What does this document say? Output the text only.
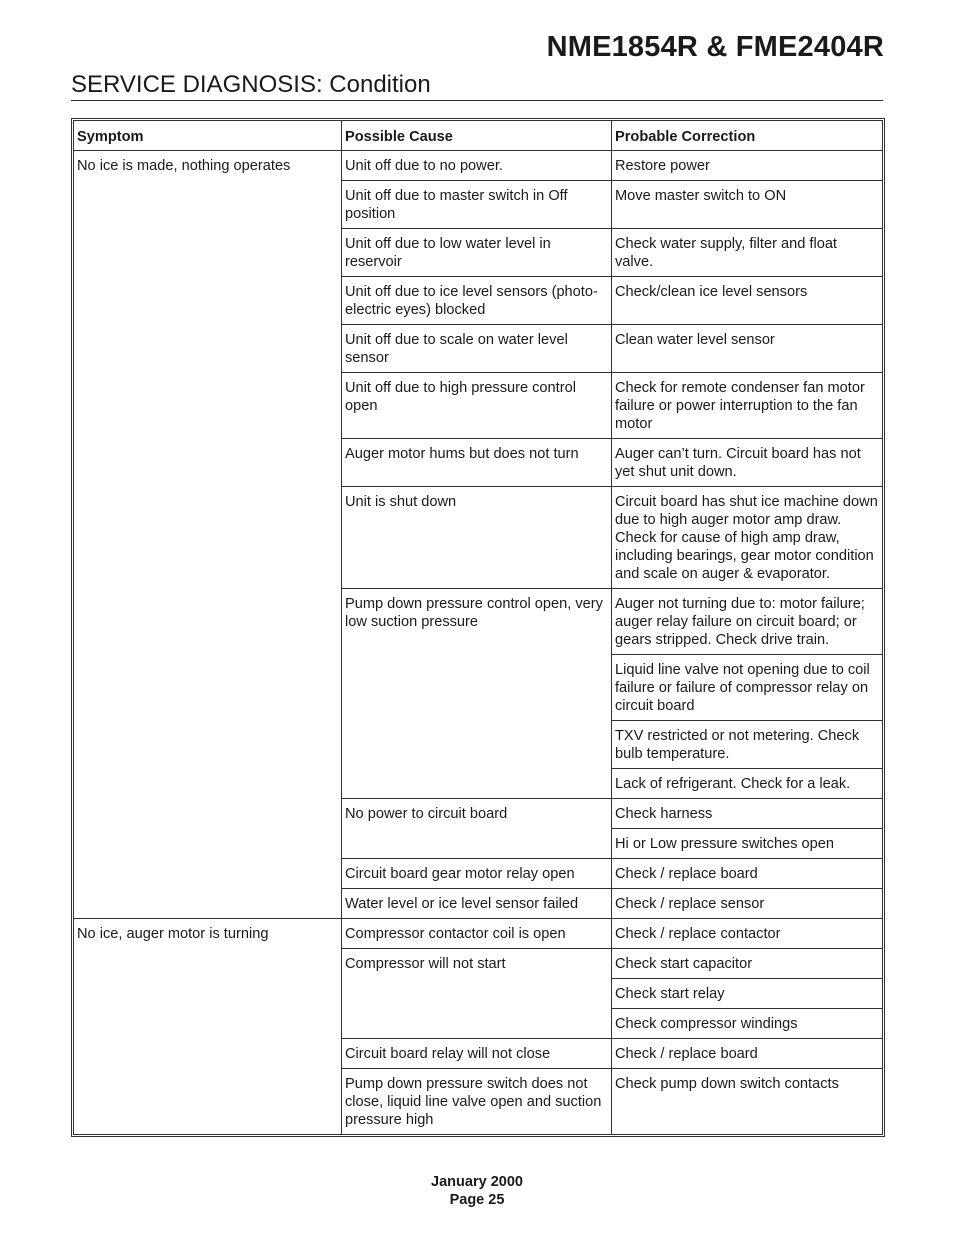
NME1854R & FME2404R
SERVICE DIAGNOSIS: Condition
Symptom	Possible Cause	Probable Correction
No ice is made, nothing operates	Unit off due to no power.	Restore power
	Unit off due to master switch in Off position	Move master switch to ON
	Unit off due to low water level in reservoir	Check water supply, filter and float valve.
	Unit off due to ice level sensors (photo-electric eyes) blocked	Check/clean ice level sensors
	Unit off due to scale on water level sensor	Clean water level sensor
	Unit off due to high pressure control open	Check for remote condenser fan motor failure or power interruption to the fan motor
	Auger motor hums but does not turn	Auger can’t turn. Circuit board has not yet shut unit down.
	Unit is shut down	Circuit board has shut ice machine down due to high auger motor amp draw. Check for cause of high amp draw, including bearings, gear motor condition and scale on auger & evaporator.
	Pump down pressure control open, very low suction pressure	Auger not turning due to: motor failure; auger relay failure on circuit board; or gears stripped. Check drive train.
		Liquid line valve not opening due to coil failure or failure of compressor relay on circuit board
		TXV restricted or not metering. Check bulb temperature.
		Lack of refrigerant. Check for a leak.
	No power to circuit board	Check harness
		Hi or Low pressure switches open
	Circuit board gear motor relay open	Check / replace board
	Water level or ice level sensor failed	Check / replace sensor
No ice, auger motor is turning	Compressor contactor coil is open	Check / replace contactor
	Compressor will not start	Check start capacitor
		Check start relay
		Check compressor windings
	Circuit board relay will not close	Check / replace board
	Pump down pressure switch does not close, liquid line valve open and suction pressure high	Check pump down switch contacts
January 2000
Page 25
